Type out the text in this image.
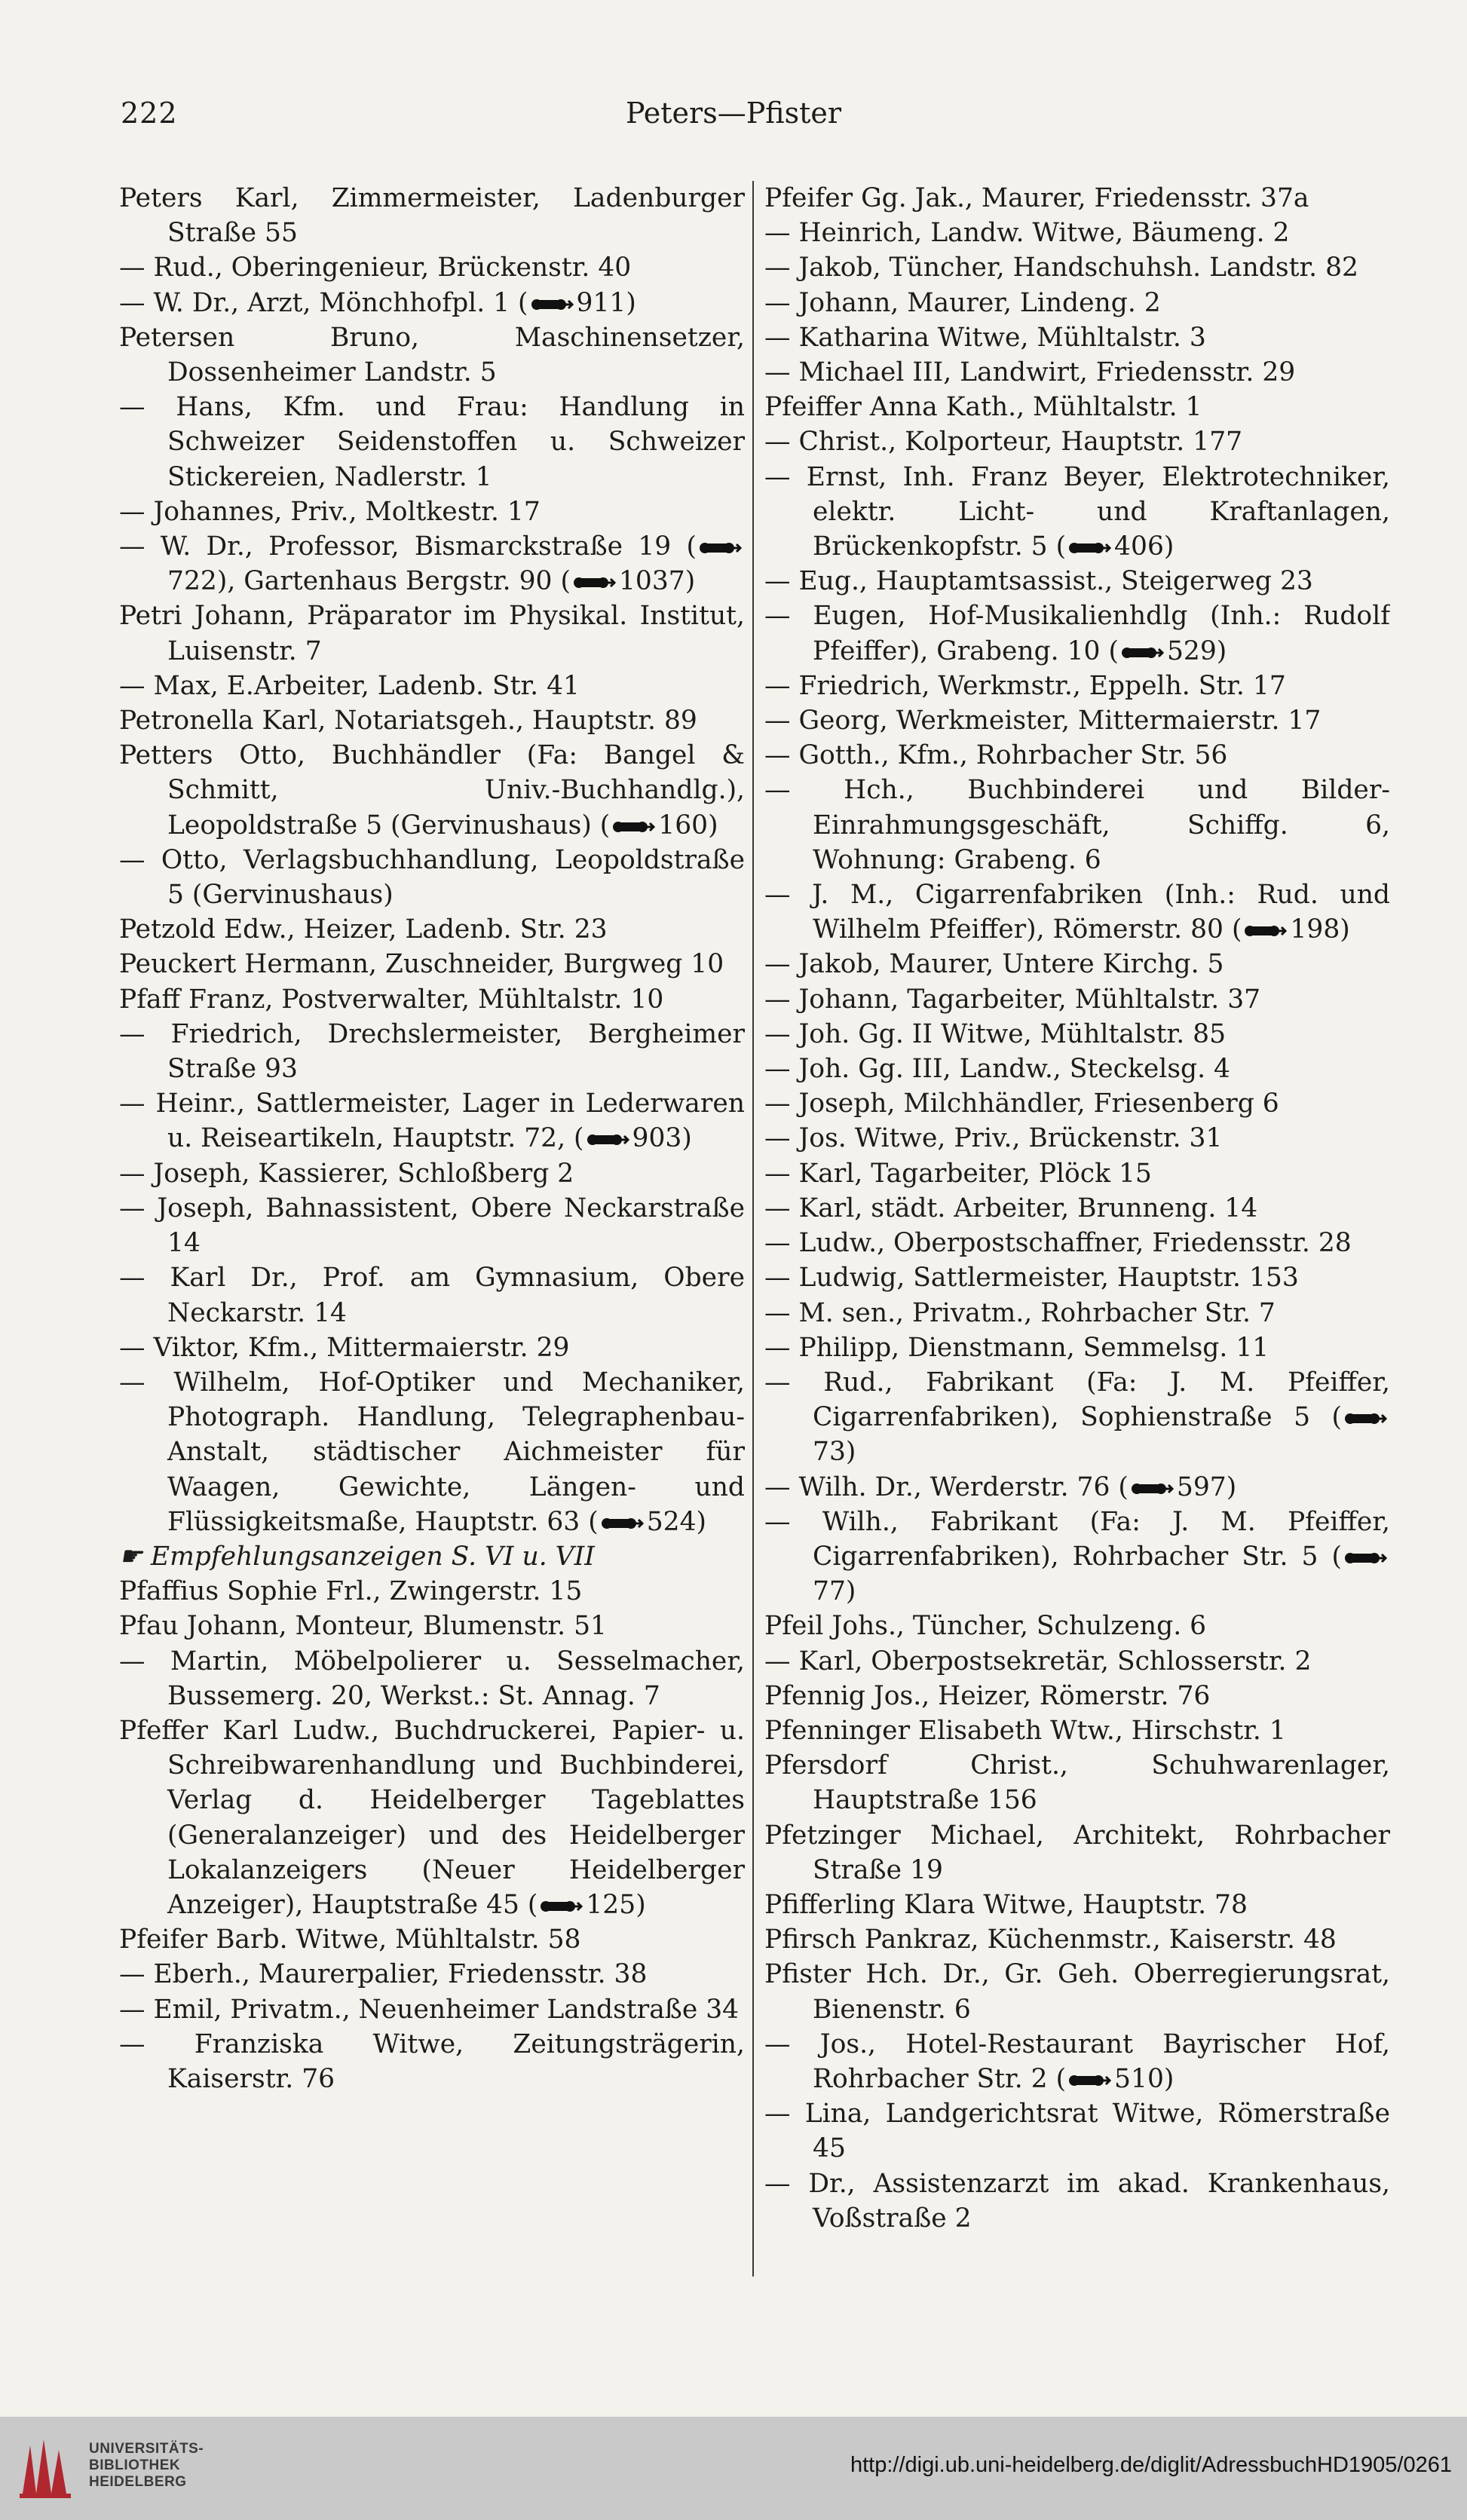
222	Peters—Pfister
Peters Karl, Zimmermeister, Ladenburger Straße 55
— Rud., Oberingenieur, Brückenstr. 40
— W. Dr., Arzt, Mönchhofpl. 1 ( 911)
Petersen Bruno, Maschinensetzer, Dossenheimer Landstr. 5
— Hans, Kfm. und Frau: Handlung in Schweizer Seidenstoffen u. Schweizer Stickereien, Nadlerstr. 1
— Johannes, Priv., Moltkestr. 17
— W. Dr., Professor, Bismarckstraße 19 (722), Gartenhaus Bergstr. 90 ( 1037)
Petri Johann, Präparator im Physikal. Institut, Luisenstr. 7
— Max, E.Arbeiter, Ladenb. Str. 41
Petronella Karl, Notariatsgeh., Hauptstr. 89
Petters Otto, Buchhändler (Fa: Bangel & Schmitt, Univ.-Buchhandlg.), Leopoldstraße 5 (Gervinushaus) ( 160)
— Otto, Verlagsbuchhandlung, Leopoldstraße 5 (Gervinushaus)
Petzold Edw., Heizer, Ladenb. Str. 23
Peuckert Hermann, Zuschneider, Burgweg 10
Pfaff Franz, Postverwalter, Mühltalstr. 10
— Friedrich, Drechslermeister, Bergheimer Straße 93
— Heinr., Sattlermeister, Lager in Lederwaren u. Reiseartikeln, Hauptstr. 72, ( 903)
— Joseph, Kassierer, Schloßberg 2
— Joseph, Bahnassistent, Obere Neckarstraße 14
— Karl Dr., Prof. am Gymnasium, Obere Neckarstr. 14
— Viktor, Kfm., Mittermaierstr. 29
— Wilhelm, Hof-Optiker und Mechaniker, Photograph. Handlung, Telegraphenbau-Anstalt, städtischer Aichmeister für Waagen, Gewichte, Längen- und Flüssigkeitsmaße, Hauptstr. 63 ( 524)
☛ Empfehlungsanzeigen S. VI u. VII
Pfaffius Sophie Frl., Zwingerstr. 15
Pfau Johann, Monteur, Blumenstr. 51
— Martin, Möbelpolierer u. Sesselmacher, Bussemerg. 20, Werkst.: St. Annag. 7
Pfeffer Karl Ludw., Buchdruckerei, Papier- u. Schreibwarenhandlung und Buchbinderei, Verlag d. Heidelberger Tageblattes (Generalanzeiger) und des Heidelberger Lokalanzeigers (Neuer Heidelberger Anzeiger), Hauptstraße 45 ( 125)
Pfeifer Barb. Witwe, Mühltalstr. 58
— Eberh., Maurerpalier, Friedensstr. 38
— Emil, Privatm., Neuenheimer Landstraße 34
— Franziska Witwe, Zeitungsträgerin, Kaiserstr. 76
Pfeifer Gg. Jak., Maurer, Friedensstr. 37a
— Heinrich, Landw. Witwe, Bäumeng. 2
— Jakob, Tüncher, Handschuhsh. Landstr. 82
— Johann, Maurer, Lindeng. 2
— Katharina Witwe, Mühltalstr. 3
— Michael III, Landwirt, Friedensstr. 29
Pfeiffer Anna Kath., Mühltalstr. 1
— Christ., Kolporteur, Hauptstr. 177
— Ernst, Inh. Franz Beyer, Elektrotechniker, elektr. Licht- und Kraftanlagen, Brückenkopfstr. 5 ( 406)
— Eug., Hauptamtsassist., Steigerweg 23
— Eugen, Hof-Musikalienhdlg (Inh.: Rudolf Pfeiffer), Grabeng. 10 ( 529)
— Friedrich, Werkmstr., Eppelh. Str. 17
— Georg, Werkmeister, Mittermaierstr. 17
— Gotth., Kfm., Rohrbacher Str. 56
— Hch., Buchbinderei und Bilder-Einrahmungsgeschäft, Schiffg. 6, Wohnung: Grabeng. 6
— J. M., Cigarrenfabriken (Inh.: Rud. und Wilhelm Pfeiffer), Römerstr. 80 ( 198)
— Jakob, Maurer, Untere Kirchg. 5
— Johann, Tagarbeiter, Mühltalstr. 37
— Joh. Gg. II Witwe, Mühltalstr. 85
— Joh. Gg. III, Landw., Steckelsg. 4
— Joseph, Milchhändler, Friesenberg 6
— Jos. Witwe, Priv., Brückenstr. 31
— Karl, Tagarbeiter, Plöck 15
— Karl, städt. Arbeiter, Brunneng. 14
— Ludw., Oberpostschaffner, Friedensstr. 28
— Ludwig, Sattlermeister, Hauptstr. 153
— M. sen., Privatm., Rohrbacher Str. 7
— Philipp, Dienstmann, Semmelsg. 11
— Rud., Fabrikant (Fa: J. M. Pfeiffer, Cigarrenfabriken), Sophienstraße 5 (73)
— Wilh. Dr., Werderstr. 76 ( 597)
— Wilh., Fabrikant (Fa: J. M. Pfeiffer, Cigarrenfabriken), Rohrbacher Str. 5 (77)
Pfeil Johs., Tüncher, Schulzeng. 6
— Karl, Oberpostsekretär, Schlosserstr. 2
Pfennig Jos., Heizer, Römerstr. 76
Pfenninger Elisabeth Wtw., Hirschstr. 1
Pfersdorf Christ., Schuhwarenlager, Hauptstraße 156
Pfetzinger Michael, Architekt, Rohrbacher Straße 19
Pfifferling Klara Witwe, Hauptstr. 78
Pfirsch Pankraz, Küchenmstr., Kaiserstr. 48
Pfister Hch. Dr., Gr. Geh. Oberregierungsrat, Bienenstr. 6
— Jos., Hotel-Restaurant Bayrischer Hof, Rohrbacher Str. 2 ( 510)
— Lina, Landgerichtsrat Witwe, Römerstraße 45
— Dr., Assistenzarzt im akad. Krankenhaus, Voßstraße 2
UNIVERSITÄTS-
BIBLIOTHEK
HEIDELBERG
http://digi.ub.uni-heidelberg.de/diglit/AdressbuchHD1905/0261
